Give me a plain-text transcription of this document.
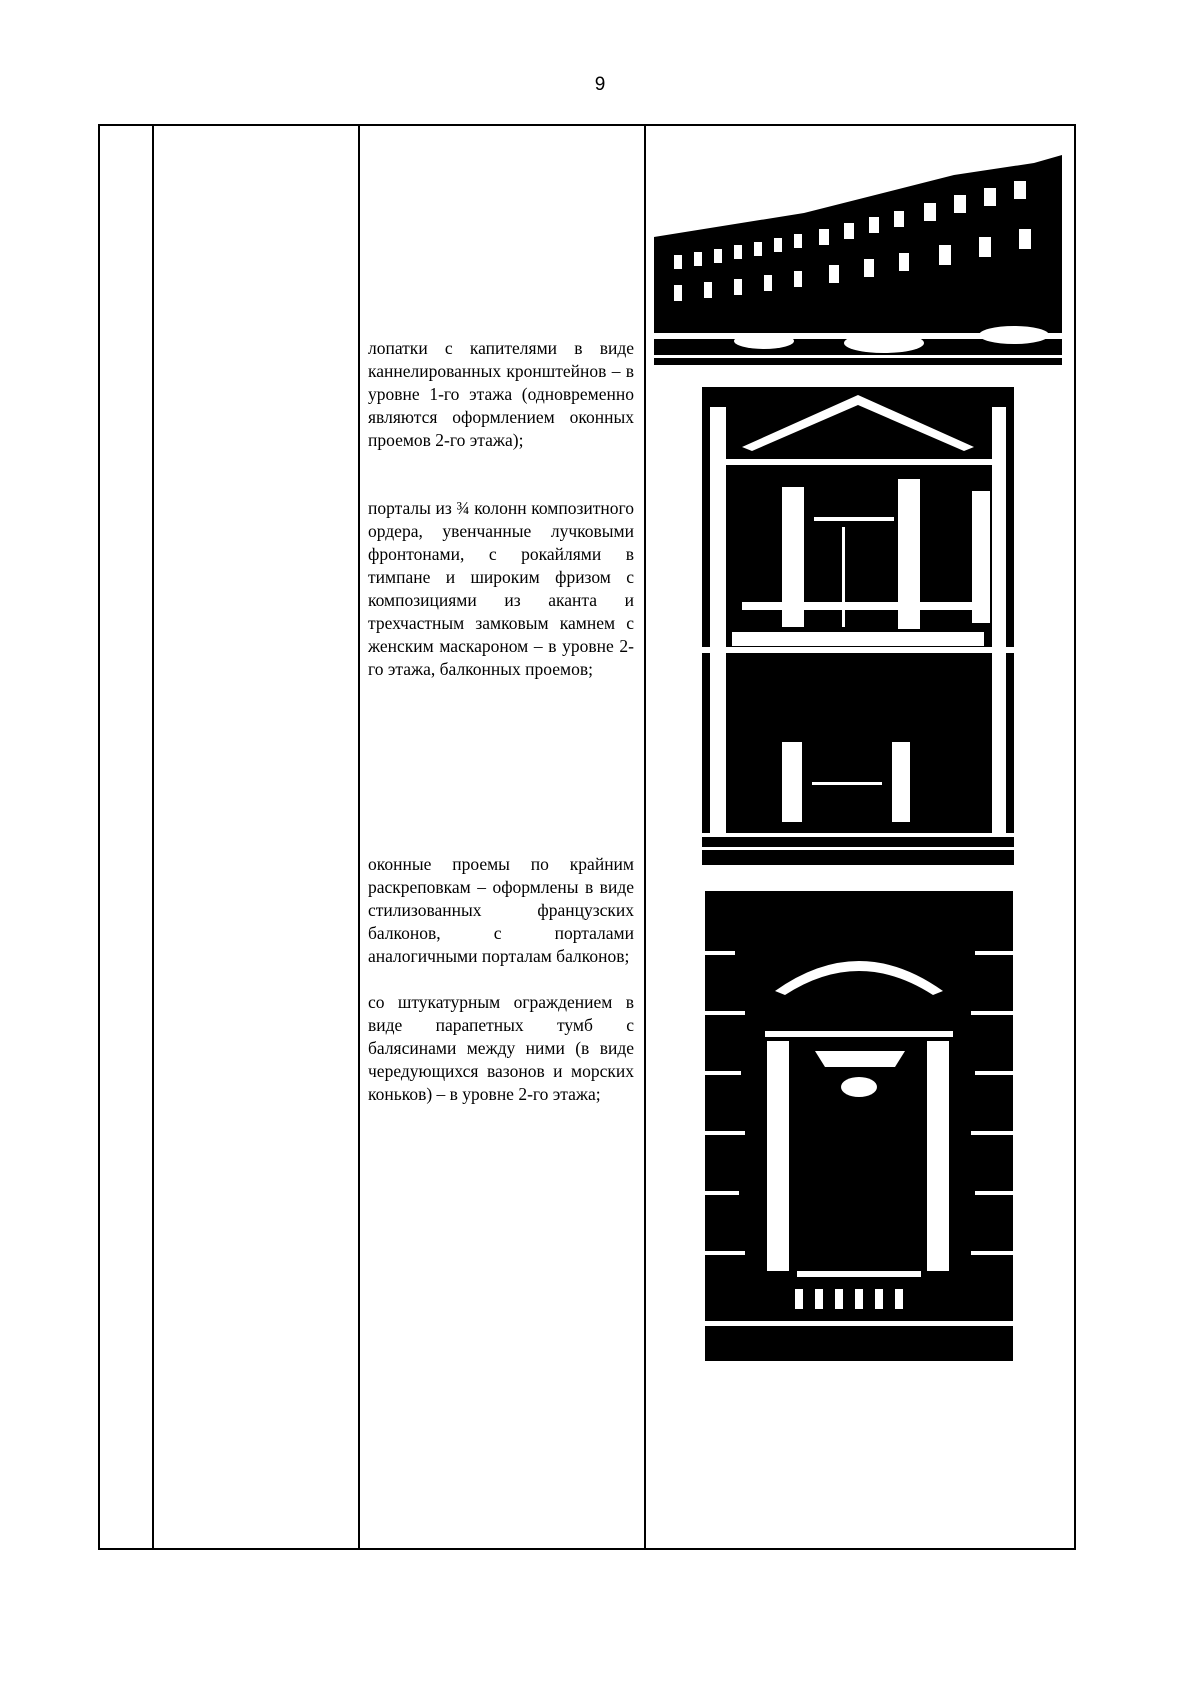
9
лопатки с капителями в виде каннелированных кронштейнов – в уровне 1-го этажа (одновременно являются оформлением оконных проемов 2-го этажа);
порталы из ¾ колонн композитного ордера, увенчанные лучковыми фронтонами, с рокайлями в тимпане и широким фризом с композициями из аканта и трехчастным замковым камнем с женским маскароном – в уровне 2-го этажа, балконных проемов;
оконные проемы по крайним раскреповкам – оформлены в виде стилизованных французских балконов, с порталами аналогичными порталам балконов;
со штукатурным ограждением в виде парапетных тумб с балясинами между ними (в виде чередующихся вазонов и морских коньков) – в уровне 2-го этажа;
